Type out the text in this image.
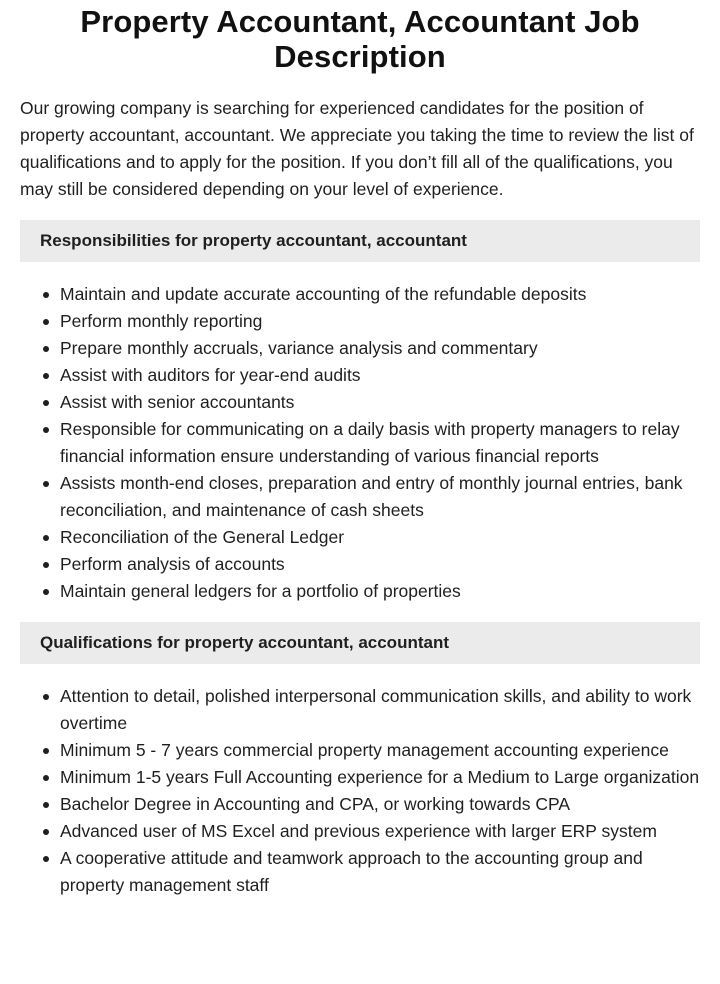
Property Accountant, Accountant Job Description

Our growing company is searching for experienced candidates for the position of property accountant, accountant. We appreciate you taking the time to review the list of qualifications and to apply for the position. If you don’t fill all of the qualifications, you may still be considered depending on your level of experience.

Responsibilities for property accountant, accountant
Maintain and update accurate accounting of the refundable deposits
Perform monthly reporting
Prepare monthly accruals, variance analysis and commentary
Assist with auditors for year-end audits
Assist with senior accountants
Responsible for communicating on a daily basis with property managers to relay financial information ensure understanding of various financial reports
Assists month-end closes, preparation and entry of monthly journal entries, bank reconciliation, and maintenance of cash sheets
Reconciliation of the General Ledger
Perform analysis of accounts
Maintain general ledgers for a portfolio of properties
Qualifications for property accountant, accountant
Attention to detail, polished interpersonal communication skills, and ability to work overtime
Minimum 5 - 7 years commercial property management accounting experience
Minimum 1-5 years Full Accounting experience for a Medium to Large organization
Bachelor Degree in Accounting and CPA, or working towards CPA
Advanced user of MS Excel and previous experience with larger ERP system
A cooperative attitude and teamwork approach to the accounting group and property management staff
